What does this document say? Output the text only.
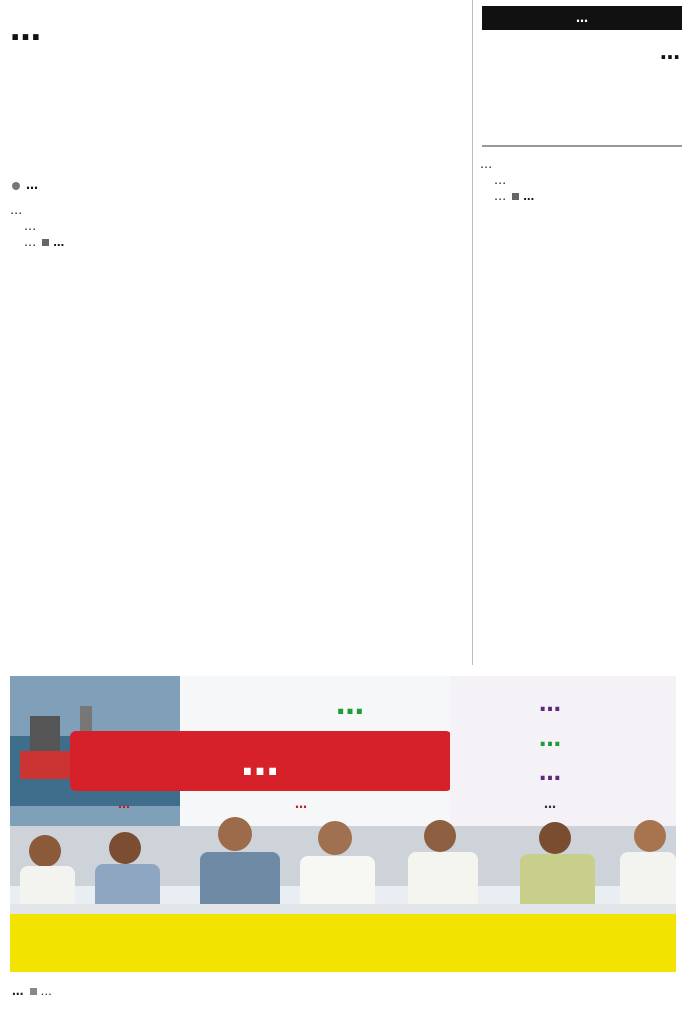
…
…

…

…

… …

…
…

…

…

… …

…
…
…	…
…
…
…
…
… …
